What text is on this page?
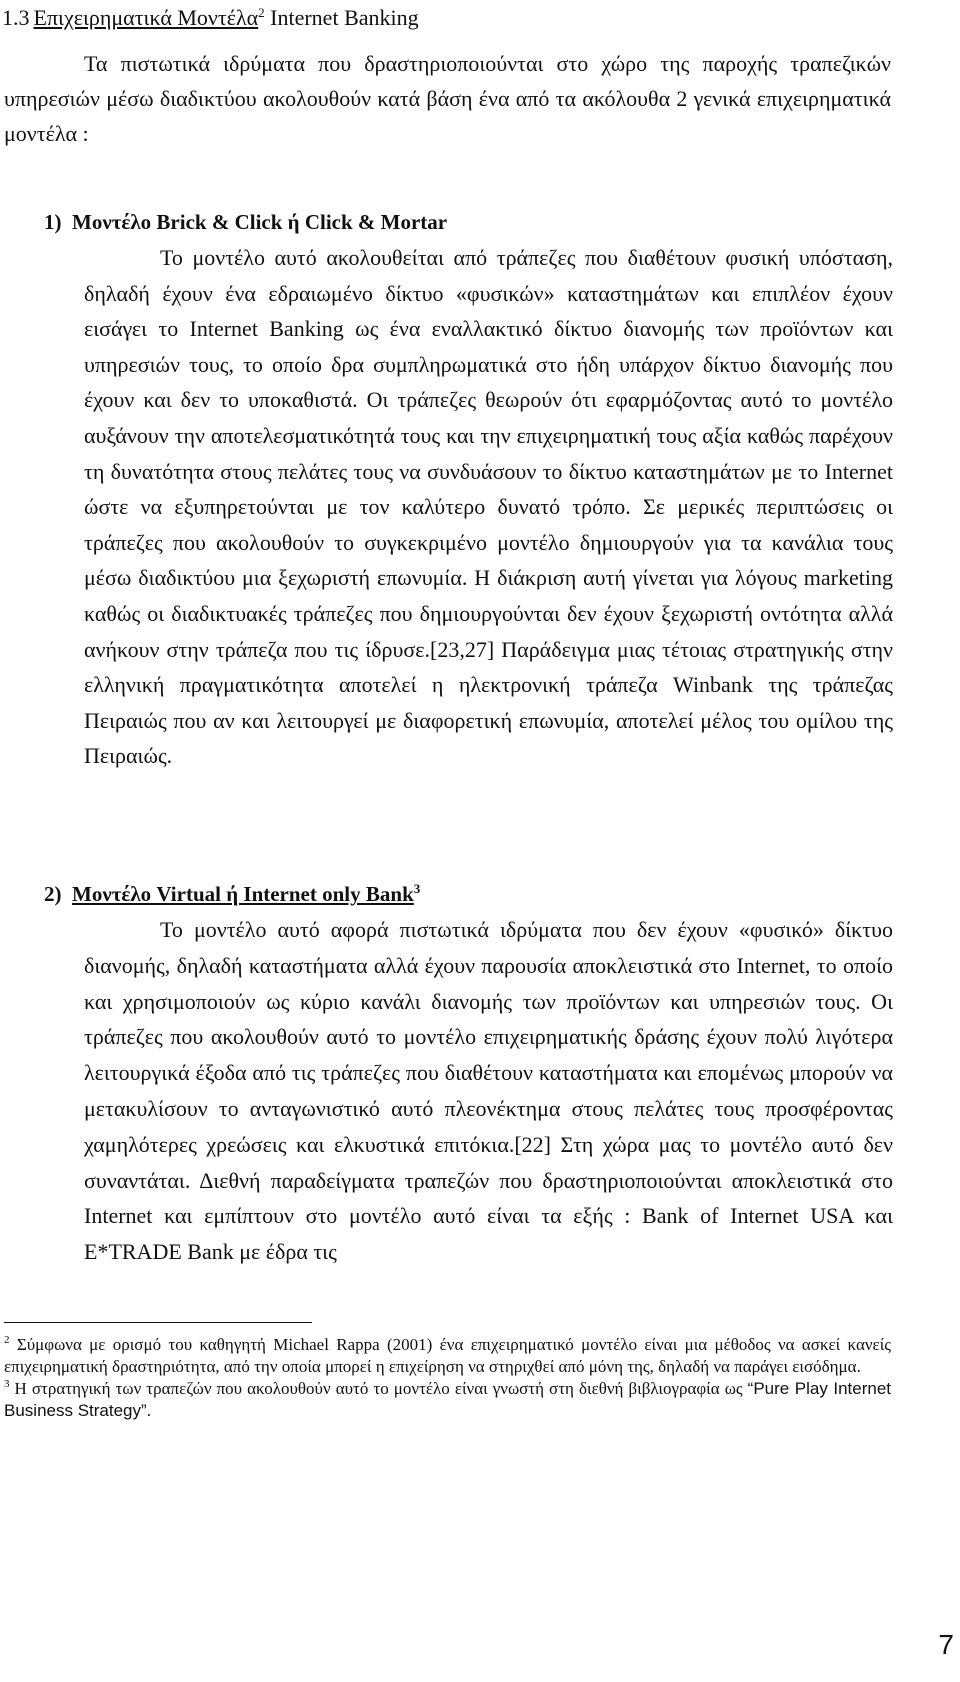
1.3 Επιχειρηματικά Μοντέλα$^2$ Internet Banking

Τα πιστωτικά ιδρύματα που δραστηριοποιούνται στο χώρο της παροχής τραπεζικών υπηρεσιών μέσω διαδικτύου ακολουθούν κατά βάση ένα από τα ακόλουθα 2 γενικά επιχειρηματικά μοντέλα :

1) Μοντέλο Brick & Click ή Click & Mortar

Το μοντέλο αυτό ακολουθείται από τράπεζες που διαθέτουν φυσική υπόσταση, δηλαδή έχουν ένα εδραιωμένο δίκτυο «φυσικών» καταστημάτων και επιπλέον έχουν εισάγει το Internet Banking ως ένα εναλλακτικό δίκτυο διανομής των προϊόντων και υπηρεσιών τους, το οποίο δρα συμπληρωματικά στο ήδη υπάρχον δίκτυο διανομής που έχουν και δεν το υποκαθιστά. Οι τράπεζες θεωρούν ότι εφαρμόζοντας αυτό το μοντέλο αυξάνουν την αποτελεσματικότητά τους και την επιχειρηματική τους αξία καθώς παρέχουν τη δυνατότητα στους πελάτες τους να συνδυάσουν το δίκτυο καταστημάτων με το Internet ώστε να εξυπηρετούνται με τον καλύτερο δυνατό τρόπο. Σε μερικές περιπτώσεις οι τράπεζες που ακολουθούν το συγκεκριμένο μοντέλο δημιουργούν για τα κανάλια τους μέσω διαδικτύου μια ξεχωριστή επωνυμία. Η διάκριση αυτή γίνεται για λόγους marketing καθώς οι διαδικτυακές τράπεζες που δημιουργούνται δεν έχουν ξεχωριστή οντότητα αλλά ανήκουν στην τράπεζα που τις ίδρυσε.[23,27] Παράδειγμα μιας τέτοιας στρατηγικής στην ελληνική πραγματικότητα αποτελεί η ηλεκτρονική τράπεζα Winbank της τράπεζας Πειραιώς που αν και λειτουργεί με διαφορετική επωνυμία, αποτελεί μέλος του ομίλου της Πειραιώς.

2) Μοντέλο Virtual ή Internet only Bank$^3$

Το μοντέλο αυτό αφορά πιστωτικά ιδρύματα που δεν έχουν «φυσικό» δίκτυο διανομής, δηλαδή καταστήματα αλλά έχουν παρουσία αποκλειστικά στο Internet, το οποίο και χρησιμοποιούν ως κύριο κανάλι διανομής των προϊόντων και υπηρεσιών τους. Οι τράπεζες που ακολουθούν αυτό το μοντέλο επιχειρηματικής δράσης έχουν πολύ λιγότερα λειτουργικά έξοδα από τις τράπεζες που διαθέτουν καταστήματα και επομένως μπορούν να μετακυλίσουν το ανταγωνιστικό αυτό πλεονέκτημα στους πελάτες τους προσφέροντας χαμηλότερες χρεώσεις και ελκυστικά επιτόκια.[22] Στη χώρα μας το μοντέλο αυτό δεν συναντάται. Διεθνή παραδείγματα τραπεζών που δραστηριοποιούνται αποκλειστικά στο Internet και εμπίπτουν στο μοντέλο αυτό είναι τα εξής : Bank of Internet USA και E*TRADE Bank με έδρα τις

$^2$ Σύμφωνα με ορισμό του καθηγητή Michael Rappa (2001) ένα επιχειρηματικό μοντέλο είναι μια μέθοδος να ασκεί κανείς επιχειρηματική δραστηριότητα, από την οποία μπορεί η επιχείρηση να στηριχθεί από μόνη της, δηλαδή να παράγει εισόδημα.

$^3$ Η στρατηγική των τραπεζών που ακολουθούν αυτό το μοντέλο είναι γνωστή στη διεθνή βιβλιογραφία ως “Pure Play Internet Business Strategy”.

7
